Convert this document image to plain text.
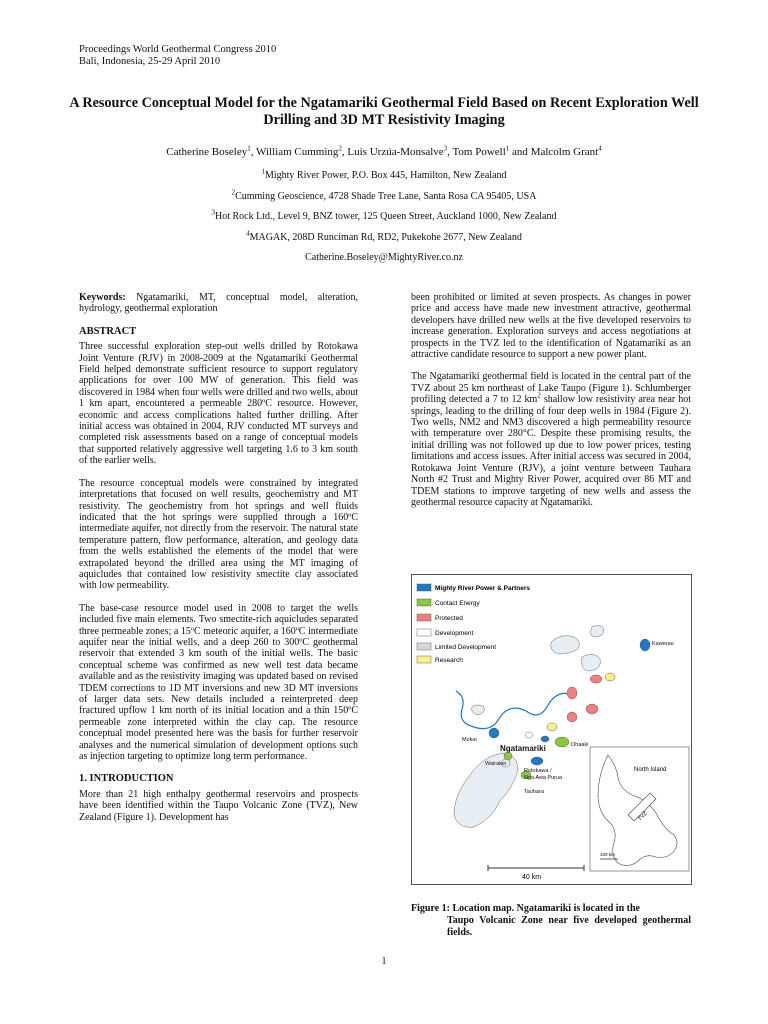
Proceedings World Geothermal Congress 2010
Bali, Indonesia, 25-29 April 2010
A Resource Conceptual Model for the Ngatamariki Geothermal Field Based on Recent Exploration Well Drilling and 3D MT Resistivity Imaging
Catherine Boseley$^1$, William Cumming$^2$, Luis Urzúa-Monsalve$^3$, Tom Powell$^1$ and Malcolm Grant$^4$
$^1$Mighty River Power, P.O. Box 445, Hamilton, New Zealand
$^2$Cumming Geoscience, 4728 Shade Tree Lane, Santa Rosa CA 95405, USA
$^3$Hot Rock Ltd., Level 9, BNZ tower, 125 Queen Street, Auckland 1000, New Zealand
$^4$MAGAK, 208D Runciman Rd, RD2, Pukekohe 2677, New Zealand
Catherine.Boseley@MightyRiver.co.nz

Keywords: Ngatamariki, MT, conceptual model, alteration, hydrology, geothermal exploration

ABSTRACT

Three successful exploration step-out wells drilled by Rotokawa Joint Venture (RJV) in 2008-2009 at the Ngatamariki Geothermal Field helped demonstrate sufficient resource to support regulatory applications for over 100 MW of generation. This field was discovered in 1984 when four wells were drilled and two wells, about 1 km apart, encountered a permeable 280ºC resource. However, economic and access complications halted further drilling. After initial access was obtained in 2004, RJV conducted MT surveys and completed risk assessments based on a range of conceptual models that supported relatively aggressive well targeting 1.6 to 3 km south of the earlier wells.

The resource conceptual models were constrained by integrated interpretations that focused on well results, geochemistry and MT resistivity. The geochemistry from hot springs and well fluids indicated that the hot springs were supplied through a 160ºC intermediate aquifer, not directly from the reservoir. The natural state temperature pattern, flow performance, alteration, and geology data from the wells established the elements of the model that were extrapolated beyond the drilled area using the MT imaging of aquicludes that contained low resistivity smectite clay associated with low permeability.

The base-case resource model used in 2008 to target the wells included five main elements. Two smectite-rich aquicludes separated three permeable zones; a 15ºC meteoric aquifer, a 160ºC intermediate aquifer near the initial wells, and a deep 260 to 300ºC geothermal reservoir that extended 3 km south of the initial wells. The basic conceptual scheme was confirmed as new well test data became available and as the resistivity imaging was updated based on revised TDEM corrections to 1D MT inversions and new 3D MT inversions of larger data sets. New details included a reinterpreted deep fractured upflow 1 km north of its initial location and a thin 150ºC permeable zone interpreted within the clay cap. The resource conceptual model presented here was the basis for further reservoir analyses and the numerical simulation of development options such as injection targeting to optimize long term performance.

1. INTRODUCTION

More than 21 high enthalpy geothermal reservoirs and prospects have been identified within the Taupo Volcanic Zone (TVZ), New Zealand (Figure 1). Development has

been prohibited or limited at seven prospects. As changes in power price and access have made new investment attractive, geothermal developers have drilled new wells at the five developed reservoirs to increase generation. Exploration surveys and access negotiations at prospects in the TVZ led to the identification of Ngatamariki as an attractive candidate resource to support a new power plant.

The Ngatamariki geothermal field is located in the central part of the TVZ about 25 km northeast of Lake Taupo (Figure 1). Schlumberger profiling detected a 7 to 12 $km^2$ shallow low resistivity area near hot springs, leading to the drilling of four deep wells in 1984 (Figure 2). Two wells, NM2 and NM3 discovered a high permeability resource with temperature over 280°C. Despite these promising results, the initial drilling was not followed up due to low power prices, testing limitations and access issues. After initial access was secured in 2004, Rotokawa Joint Venture (RJV), a joint venture between Tauhara North #2 Trust and Mighty River Power, acquired over 86 MT and TDEM stations to improve targeting of new wells and assess the geothermal resource capacity at Ngatamariki.

Mighty River Power & Partners
Contact Energy
Protected
Development
Limited Development
Research
Kawerau
Mokai
Ngatamariki	Ohaaki
Wairakei
Rotokawa /
Nga Awa Purua
Tauhara
TVZ
North Island
100 km
40 km
Figure 1: Location map. Ngatamariki is located in the
Taupo Volcanic Zone near five developed geothermal fields.
1
